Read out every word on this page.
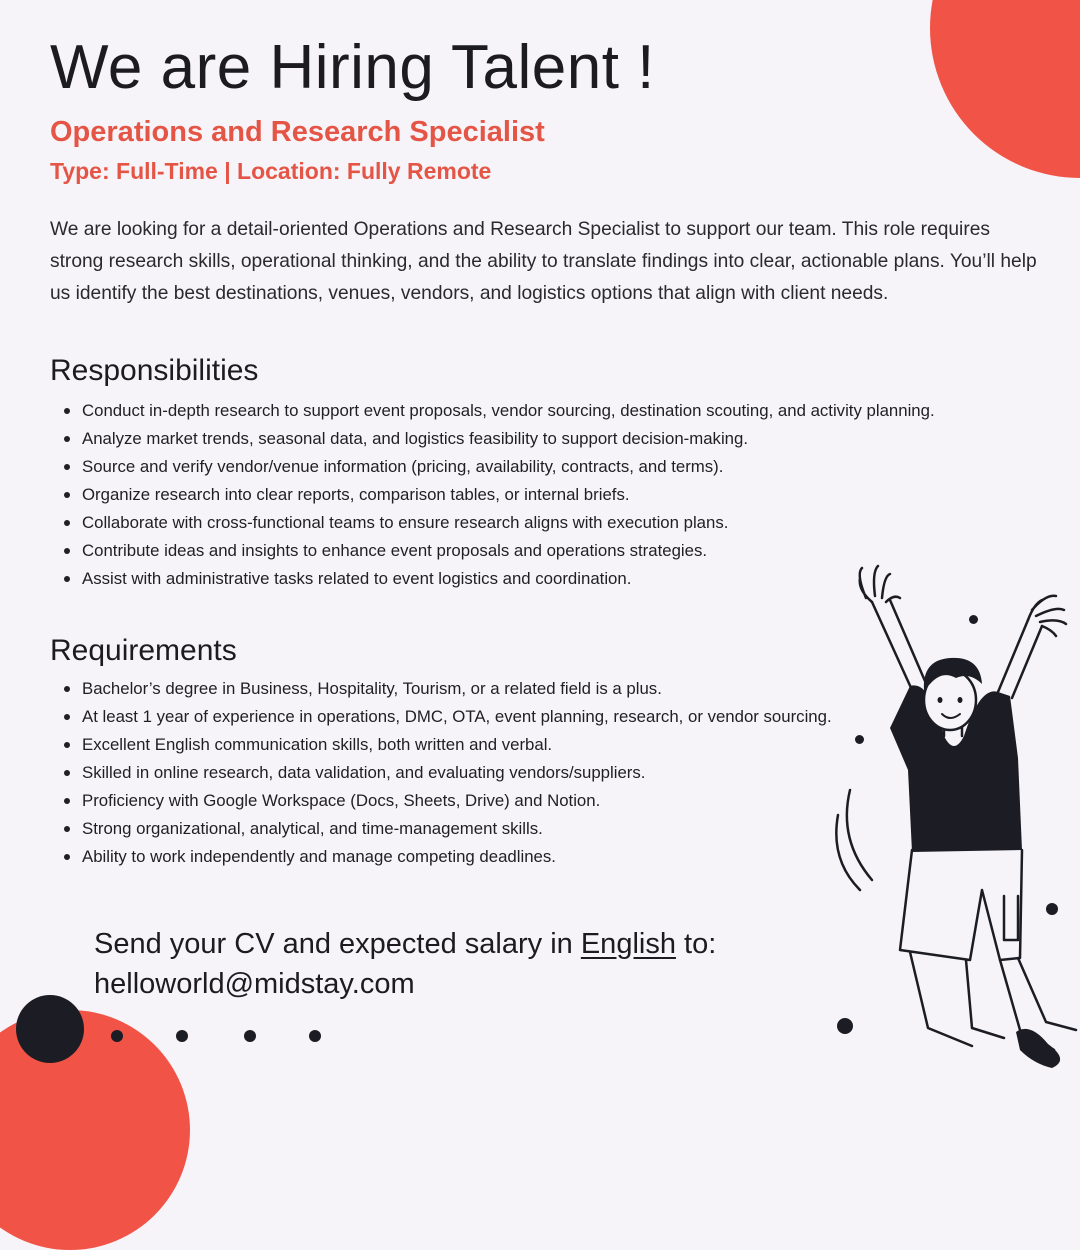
We are Hiring Talent !
Operations and Research Specialist

Type: Full-Time | Location: Fully Remote

We are looking for a detail-oriented Operations and Research Specialist to support our team. This role requires strong research skills, operational thinking, and the ability to translate findings into clear, actionable plans. You’ll help us identify the best destinations, venues, vendors, and logistics options that align with client needs.

Responsibilities
Conduct in-depth research to support event proposals, vendor sourcing, destination scouting, and activity planning.
Analyze market trends, seasonal data, and logistics feasibility to support decision-making.
Source and verify vendor/venue information (pricing, availability, contracts, and terms).
Organize research into clear reports, comparison tables, or internal briefs.
Collaborate with cross-functional teams to ensure research aligns with execution plans.
Contribute ideas and insights to enhance event proposals and operations strategies.
Assist with administrative tasks related to event logistics and coordination.
Requirements
Bachelor’s degree in Business, Hospitality, Tourism, or a related field is a plus.
At least 1 year of experience in operations, DMC, OTA, event planning, research, or vendor sourcing.
Excellent English communication skills, both written and verbal.
Skilled in online research, data validation, and evaluating vendors/suppliers.
Proficiency with Google Workspace (Docs, Sheets, Drive) and Notion.
Strong organizational, analytical, and time-management skills.
Ability to work independently and manage competing deadlines.

Send your CV and expected salary in English to:
helloworld@midstay.com
